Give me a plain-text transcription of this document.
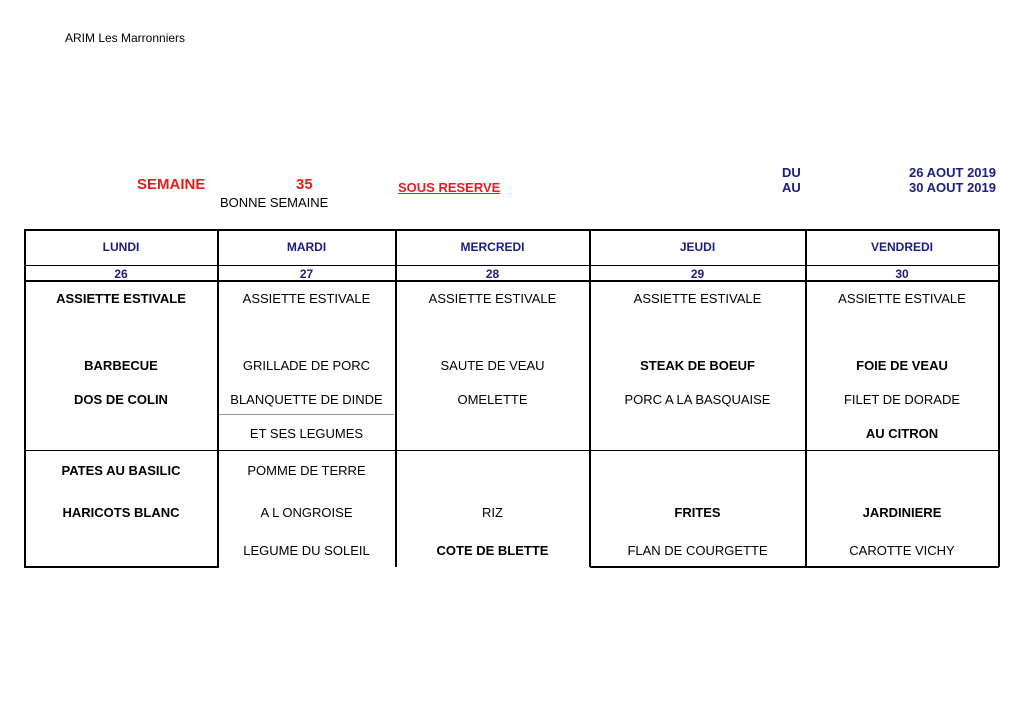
ARIM Les Marronniers
SEMAINE	35	SOUS RESERVE
BONNE SEMAINE
DU
AU
26 AOUT 2019
30 AOUT 2019
LUNDI
26
ASSIETTE ESTIVALE
BARBECUE
DOS DE COLIN
PATES AU BASILIC
HARICOTS BLANC
MARDI
27
ASSIETTE ESTIVALE
GRILLADE DE PORC
BLANQUETTE DE DINDE
ET SES LEGUMES
POMME DE TERRE
A L ONGROISE
LEGUME DU SOLEIL
MERCREDI
28
ASSIETTE ESTIVALE
SAUTE DE VEAU
OMELETTE
RIZ
COTE DE BLETTE
JEUDI
29
ASSIETTE ESTIVALE
STEAK DE BOEUF
PORC A LA BASQUAISE
FRITES
FLAN DE COURGETTE
VENDREDI
30
ASSIETTE ESTIVALE
FOIE DE VEAU
FILET DE DORADE
AU CITRON
JARDINIERE
CAROTTE VICHY
